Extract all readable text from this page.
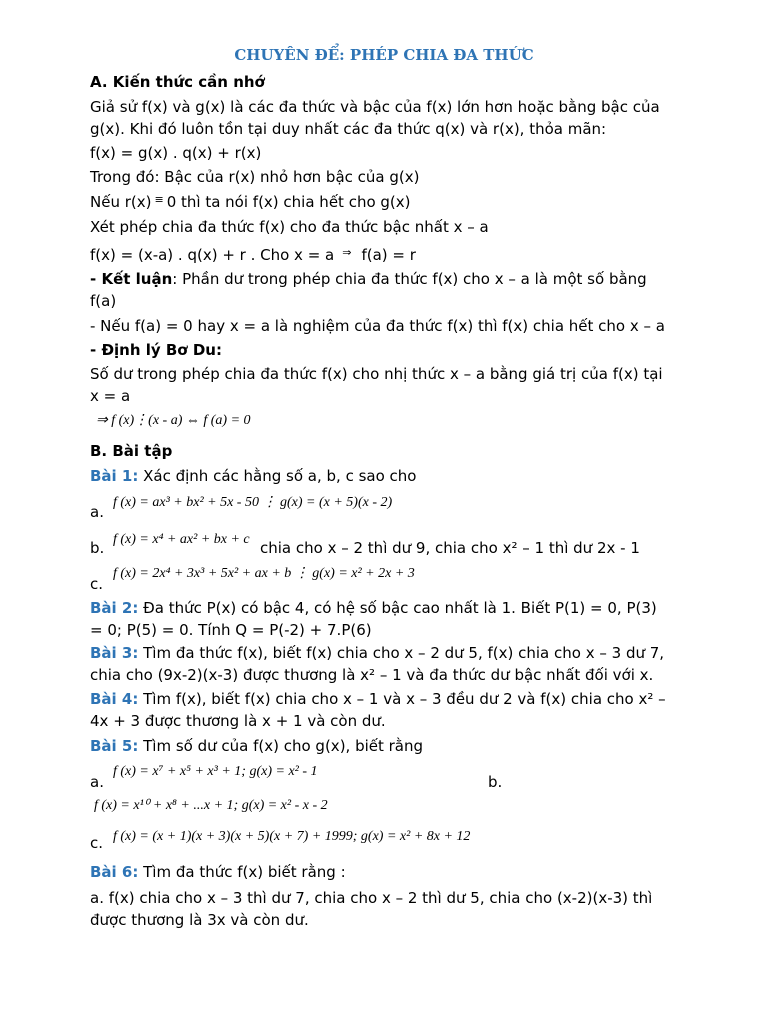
CHUYÊN ĐỂ: PHÉP CHIA ĐA THỨC
A. Kiến thức cần nhớ
Giả sử f(x) và g(x) là các đa thức và bậc của f(x) lớn hơn hoặc bằng bậc của
g(x). Khi đó luôn tồn tại duy nhất các đa thức q(x) và r(x), thỏa mãn:
f(x) = g(x) . q(x) + r(x)
Trong đó: Bậc của r(x) nhỏ hơn bậc của g(x)
Nếu r(x) ≡ 0 thì ta nói f(x) chia hết cho g(x)
Xét phép chia đa thức f(x) cho đa thức bậc nhất x – a
f(x) = (x-a) . q(x) + r . Cho x = a ⇒ f(a) = r
- Kết luận: Phần dư trong phép chia đa thức f(x) cho x – a là một số bằng
f(a)
- Nếu f(a) = 0 hay x = a là nghiệm của đa thức f(x) thì f(x) chia hết cho x – a
- Định lý Bơ Du:
Số dư trong phép chia đa thức f(x) cho nhị thức x – a bằng giá trị của f(x) tại
x = a
⇒ f (x)⋮(x - a) ⇔ f (a) = 0
B. Bài tập
Bài 1: Xác định các hằng số a, b, c sao cho
a.
f (x) = ax³ + bx² + 5x - 50 ⋮ g(x) = (x + 5)(x - 2)
b. f (x) = x⁴ + ax² + bx + c chia cho x – 2 thì dư 9, chia cho x² – 1 thì dư 2x - 1
c.
f (x) = 2x⁴ + 3x³ + 5x² + ax + b ⋮ g(x) = x² + 2x + 3
Bài 2: Đa thức P(x) có bậc 4, có hệ số bậc cao nhất là 1. Biết P(1) = 0, P(3)
= 0; P(5) = 0. Tính Q = P(-2) + 7.P(6)
Bài 3: Tìm đa thức f(x), biết f(x) chia cho x – 2 dư 5, f(x) chia cho x – 3 dư 7,
chia cho (9x-2)(x-3) được thương là x² – 1 và đa thức dư bậc nhất đối với x.
Bài 4: Tìm f(x), biết f(x) chia cho x – 1 và x – 3 đều dư 2 và f(x) chia cho x² –
4x + 3 được thương là x + 1 và còn dư.
Bài 5: Tìm số dư của f(x) cho g(x), biết rằng
a.
f (x) = x⁷ + x⁵ + x³ + 1; g(x) = x² - 1
b.
f (x) = x¹⁰ + x⁸ + ...x + 1; g(x) = x² - x - 2
c. f (x) = (x + 1)(x + 3)(x + 5)(x + 7) + 1999; g(x) = x² + 8x + 12
Bài 6: Tìm đa thức f(x) biết rằng :
a. f(x) chia cho x – 3 thì dư 7, chia cho x – 2 thì dư 5, chia cho (x-2)(x-3) thì
được thương là 3x và còn dư.
